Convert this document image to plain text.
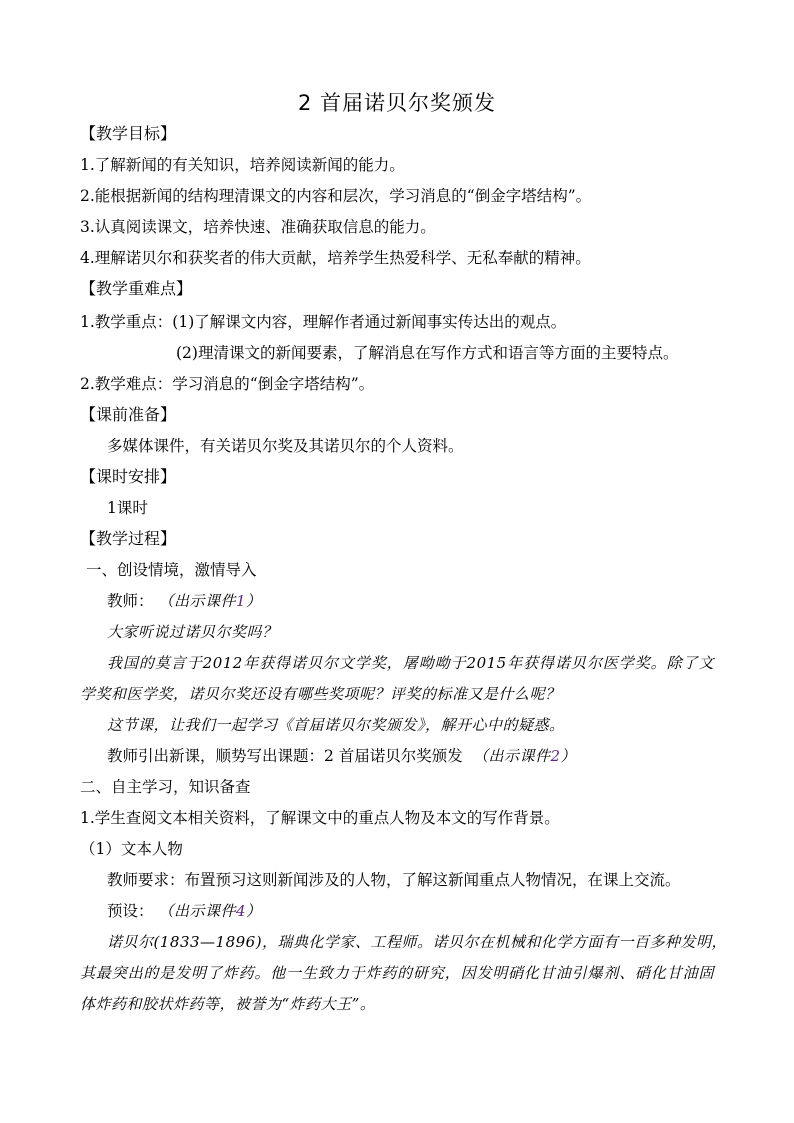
2 首届诺贝尔奖颁发
【教学目标】
1.了解新闻的有关知识，培养阅读新闻的能力。
2.能根据新闻的结构理清课文的内容和层次，学习消息的“倒金字塔结构”。
3.认真阅读课文，培养快速、准确获取信息的能力。
4.理解诺贝尔和获奖者的伟大贡献，培养学生热爱科学、无私奉献的精神。
【教学重难点】
1.教学重点：(1)了解课文内容，理解作者通过新闻事实传达出的观点。
(2)理清课文的新闻要素，了解消息在写作方式和语言等方面的主要特点。
2.教学难点：学习消息的“倒金字塔结构”。
【课前准备】
多媒体课件，有关诺贝尔奖及其诺贝尔的个人资料。
【课时安排】
1课时
【教学过程】
一、创设情境，激情导入
教师： （出示课件1）
大家听说过诺贝尔奖吗？
我国的莫言于2012年获得诺贝尔文学奖，屠呦呦于2015年获得诺贝尔医学奖。除了文
学奖和医学奖，诺贝尔奖还设有哪些奖项呢？评奖的标准又是什么呢？
这节课，让我们一起学习《首届诺贝尔奖颁发》，解开心中的疑惑。
教师引出新课，顺势写出课题：2 首届诺贝尔奖颁发 （出示课件2）
二、自主学习，知识备查
1.学生查阅文本相关资料，了解课文中的重点人物及本文的写作背景。
（1）文本人物
教师要求：布置预习这则新闻涉及的人物，了解这新闻重点人物情况，在课上交流。
预设： （出示课件4）
诺贝尔(1833—1896)，瑞典化学家、工程师。诺贝尔在机械和化学方面有一百多种发明，
其最突出的是发明了炸药。他一生致力于炸药的研究，因发明硝化甘油引爆剂、硝化甘油固
体炸药和胶状炸药等，被誉为“炸药大王”。
